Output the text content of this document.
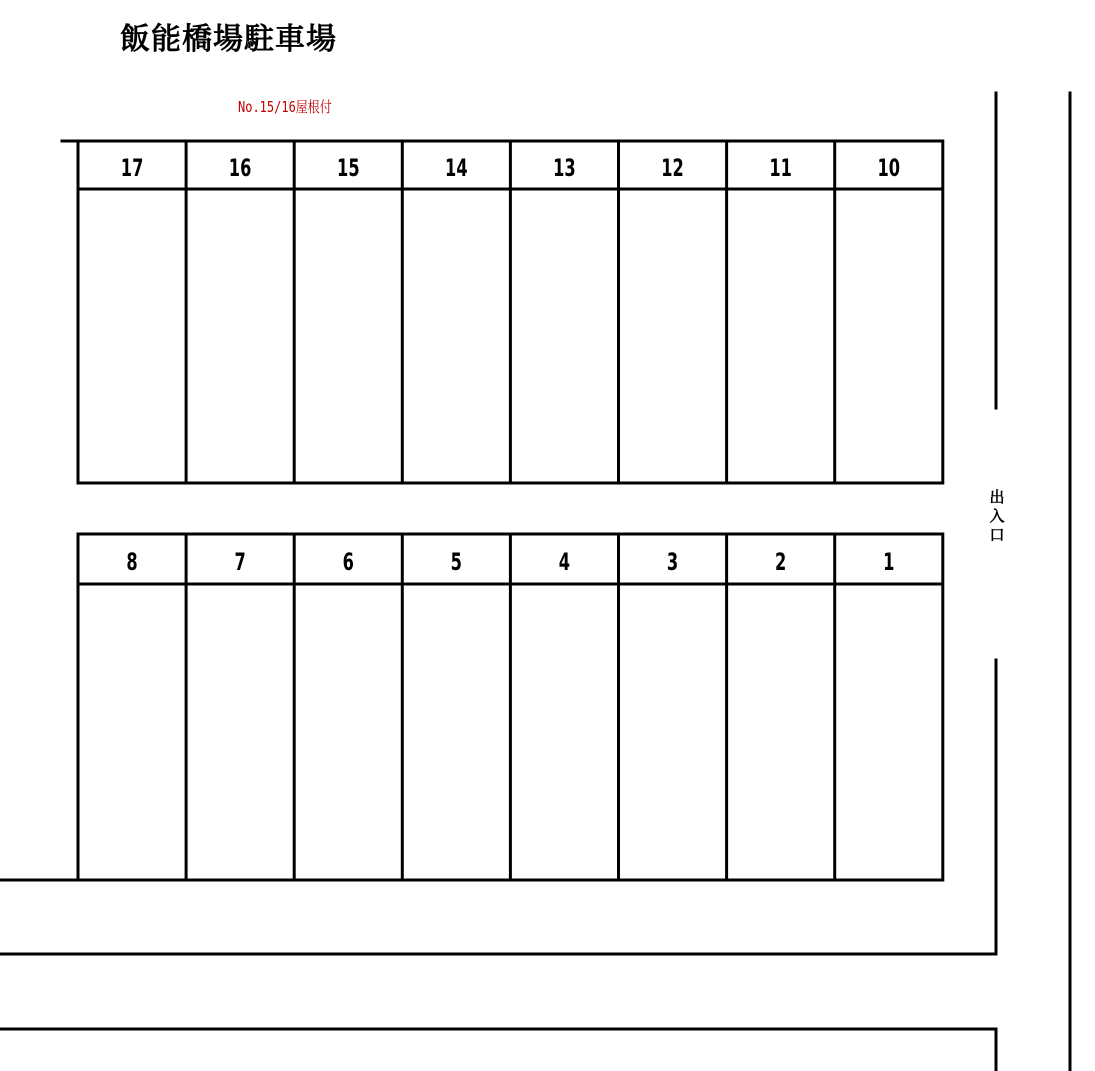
飯能橋場駐車場
No.15/16屋根付
出
入
口
17	16	15	14	13	12	11	10
8	7	6	5	4	3	2	1
